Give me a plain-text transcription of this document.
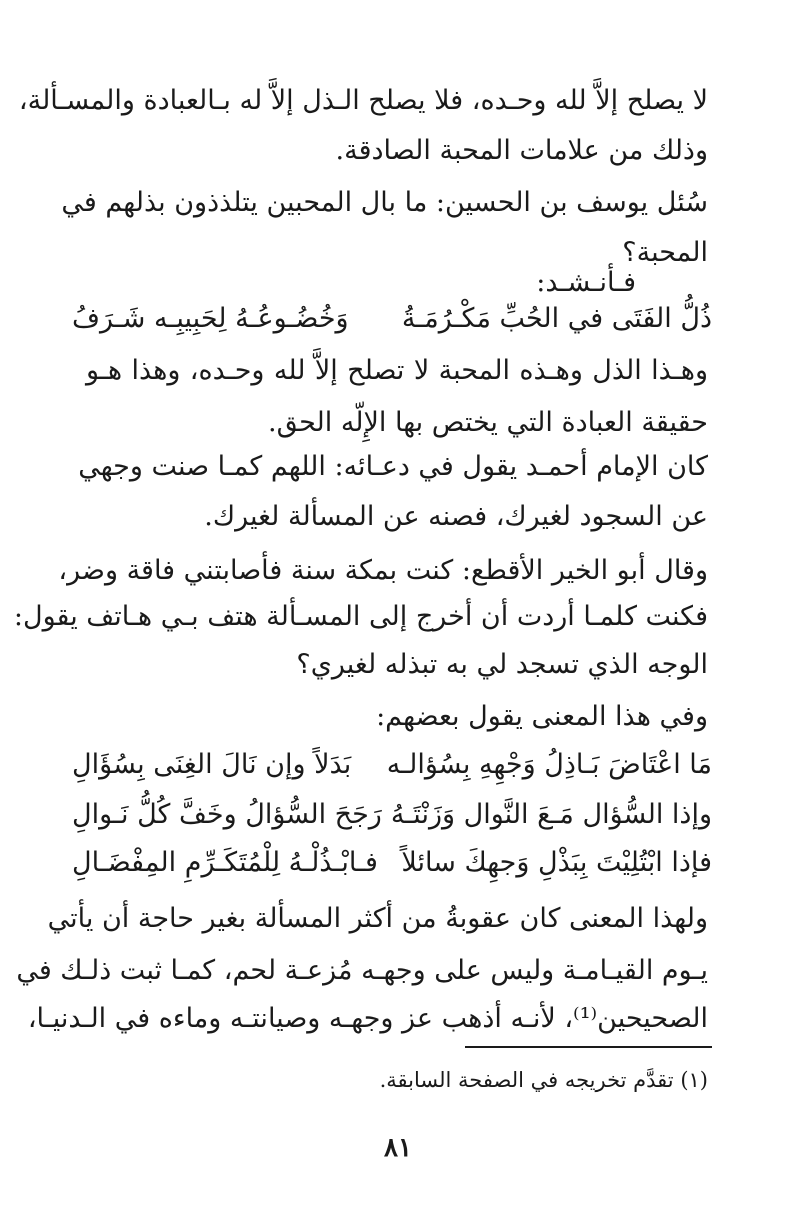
لا يصلح إلاَّ لله وحـده، فلا يصلح الـذل إلاَّ له بـالعبادة والمسـألة،
وذلك من علامات المحبة الصادقة.
سُئل يوسف بن الحسين: ما بال المحبين يتلذذون بذلهم في
المحبة؟
فـأنـشـد:
ذُلُّ الفَتَى في الحُبِّ مَكْـرُمَـةُ
وَخُضُـوعُـهُ لِحَبِيبِـه شَـرَفُ
وهـذا الذل وهـذه المحبة لا تصلح إلاَّ لله وحـده، وهذا هـو
حقيقة العبادة التي يختص بها الإِلّه الحق.
كان الإمام أحمـد يقول في دعـائه: اللهم كمـا صنت وجهي
عن السجود لغيرك، فصنه عن المسألة لغيرك.
وقال أبو الخير الأقطع: كنت بمكة سنة فأصابتني فاقة وضر،
فكنت كلمـا أردت أن أخرج إلى المسـألة هتف بـي هـاتف يقول:
الوجه الذي تسجد لي به تبذله لغيري؟
وفي هذا المعنى يقول بعضهم:
مَا اعْتَاضَ بَـاذِلُ وَجْهِهِ بِسُؤالـه
بَدَلاً وإن نَالَ الغِنَى بِسُؤَالِ
وإذا السُّؤال مَـعَ النَّوال وَزَنْتَـهُ
رَجَحَ السُّؤالُ وخَفَّ كُلُّ نَـوالِ
فإذا ابْتُلِيْتَ بِبَذْلِ وَجهِكَ سائلاً
فـابْـذُلْـهُ لِلْمُتَكَـرِّمِ المِفْضَـالِ
ولهذا المعنى كان عقوبةُ من أكثر المسألة بغير حاجة أن يأتي
يـوم القيـامـة وليس على وجهـه مُزعـة لحم، كمـا ثبت ذلـك في
الصحيحين⁽¹⁾، لأنـه أذهب عز وجهـه وصيانتـه وماءه في الـدنيـا،
(١) تقدَّم تخريجه في الصفحة السابقة.
٨١
